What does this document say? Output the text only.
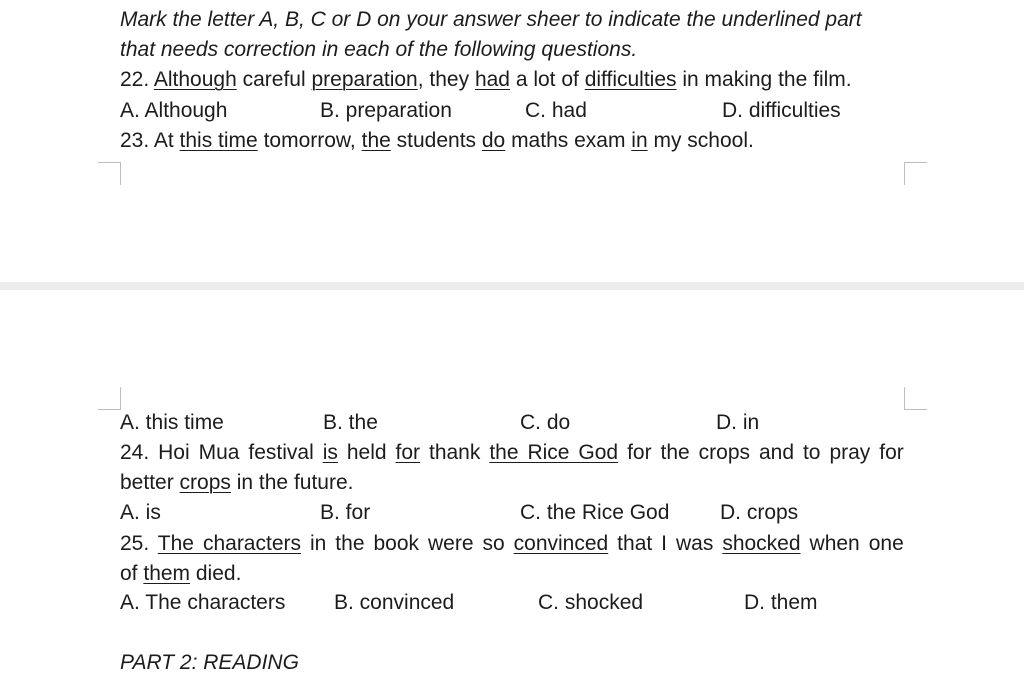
Mark the letter A, B, C or D on your answer sheer to indicate the underlined part
that needs correction in each of the following questions.
22. Although careful preparation, they had a lot of difficulties in making the film.
A. Although	B. preparation	C. had	D. difficulties
23. At this time tomorrow, the students do maths exam in my school.
A. this time	B. the	C. do	D. in
24. Hoi Mua festival is held for thank the Rice God for the crops and to pray for
better crops in the future.
A. is	B. for	C. the Rice God D. crops
25. The characters in the book were so convinced that I was shocked when one
of them died.
A. The characters B. convinced	C. shocked	D. them
PART 2: READING
